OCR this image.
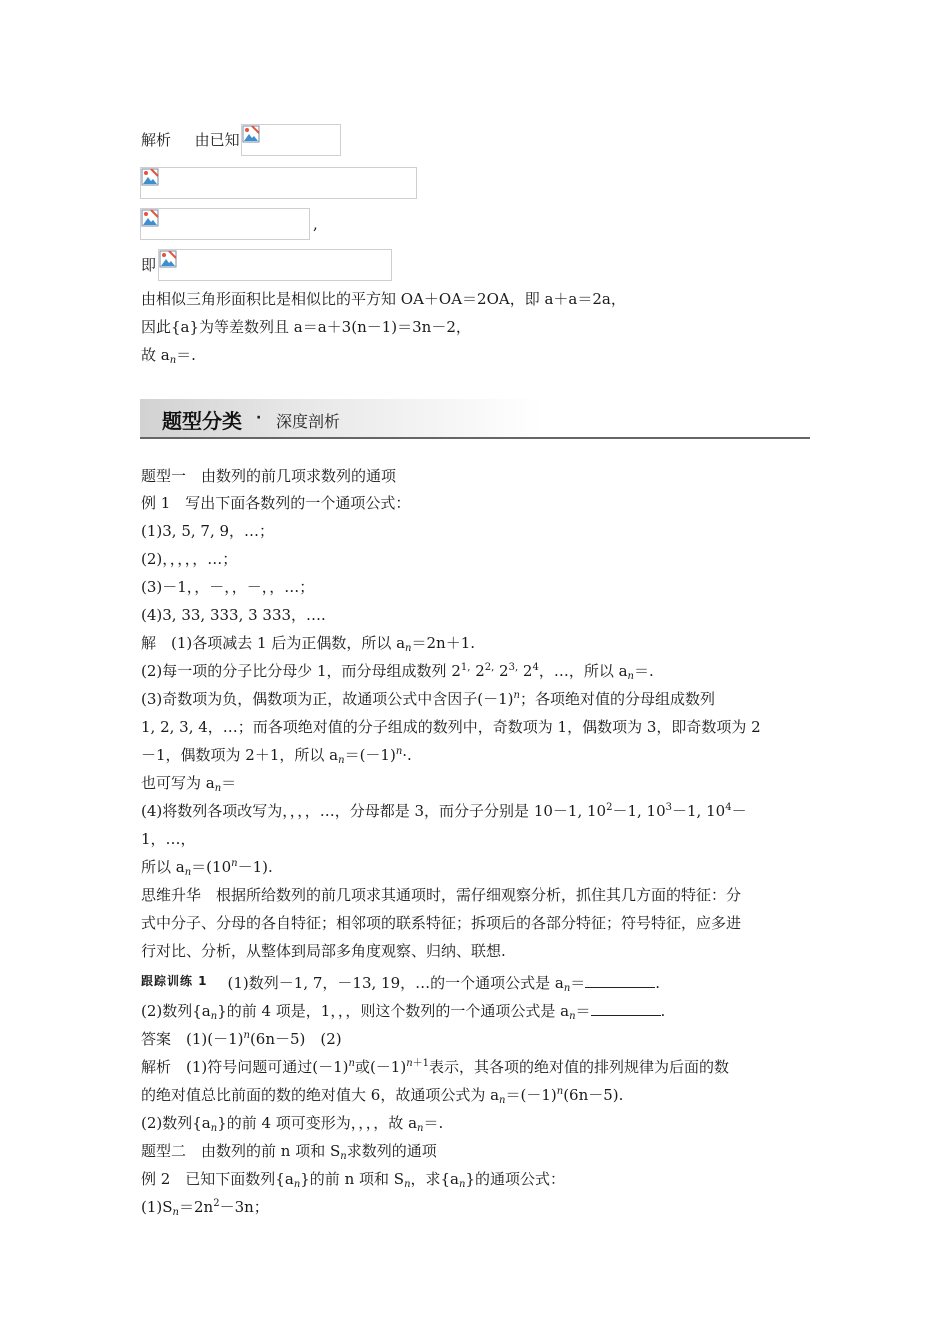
解析 由已知
,
即
由相似三角形面积比是相似比的平方知 OA＋OA＝2OA，即 a＋a＝2a，
因此{a}为等差数列且 a＝a＋3(n－1)＝3n－2，
故 $a_n=$.
题型分类 · 深度剖析
题型一　由数列的前几项求数列的通项
例 1　写出下面各数列的一个通项公式：
(1)3, 5, 7, 9，…；
(2)，，，，，…；
(3)－1，，－，，－，，…；
(4)3, 33, 333, 3 333，….
解　(1)各项减去 1 后为正偶数，所以 $a_n=2n+1$.
(2)每一项的分子比分母少 1，而分母组成数列 $2^{1,}$ $2^{2,}$ $2^{3,}$ $2^4$，…，所以 $a_n=$.
(3)奇数项为负，偶数项为正，故通项公式中含因子$(-1)^n$；各项绝对值的分母组成数列
1, 2, 3, 4，…；而各项绝对值的分子组成的数列中，奇数项为 1，偶数项为 3，即奇数项为 2
－1，偶数项为 2＋1，所以 $a_n=(-1)^n\cdot$.
也可写为 $a_n=$
(4)将数列各项改写为，，，，…，分母都是 3，而分子分别是 10－1, $10^2-1$, $10^3-1$, $10^4-$
1，…，
所以 $a_n=(10^n-1)$.
思维升华　根据所给数列的前几项求其通项时，需仔细观察分析，抓住其几方面的特征：分
式中分子、分母的各自特征；相邻项的联系特征；拆项后的各部分特征；符号特征，应多进
行对比、分析，从整体到局部多角度观察、归纳、联想.
$^{跟踪训练 1}$ (1)数列－1, 7，－13, 19，…的一个通项公式是 $a_n=$	.
(2)数列$\{a_n\}$的前 4 项是，1，，，则这个数列的一个通项公式是 $a_n=$	.
答案　$(1)(-1)^n(6n-5)$　(2)
解析　(1)符号问题可通过$(-1)^n$或$(-1)^{n+1}$表示，其各项的绝对值的排列规律为后面的数
的绝对值总比前面的数的绝对值大 6，故通项公式为 $a_n=(-1)^n(6n-5)$.
(2)数列$\{a_n\}$的前 4 项可变形为，，，，故 $a_n=$.
题型二　由数列的前 n 项和 $S_n$求数列的通项
例 2　已知下面数列$\{a_n\}$的前 n 项和 $S_n$，求$\{a_n\}$的通项公式：
$(1)S_n=2n^2-3n$；
